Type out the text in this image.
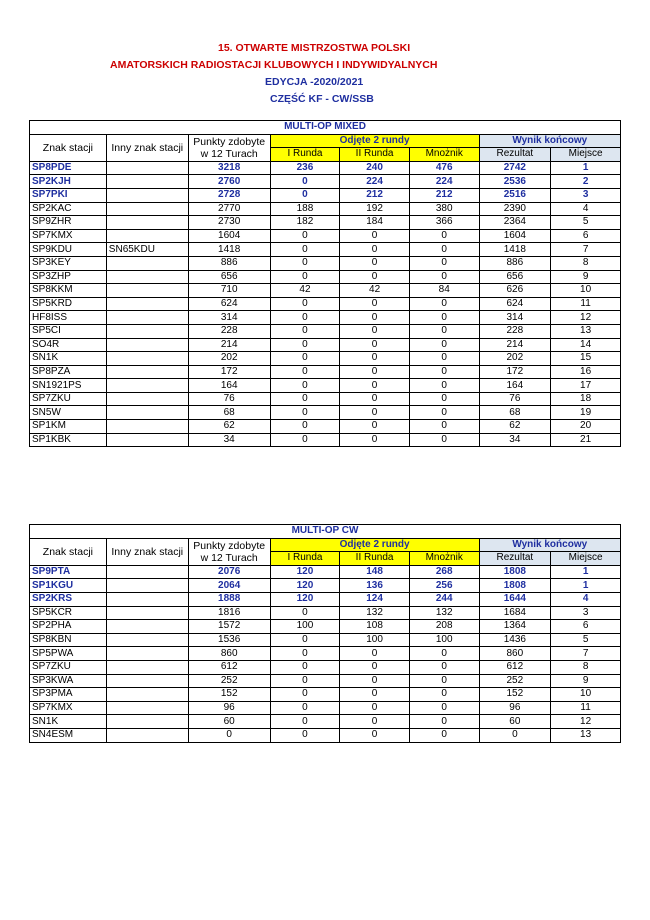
15. OTWARTE MISTRZOSTWA POLSKI
AMATORSKICH RADIOSTACJI KLUBOWYCH I INDYWIDYALNYCH
EDYCJA -2020/2021
CZĘŚĆ KF - CW/SSB
MULTI-OP MIXED							
Znak stacji	Inny znak stacji	Punkty zdobyte w 12 Turach	Odjęte 2 rundy			Wynik końcowy	
			I Runda	II Runda	Mnożnik	Rezultat	Miejsce
SP8PDE		3218	236	240	476	2742	1
SP2KJH		2760	0	224	224	2536	2
SP7PKI		2728	0	212	212	2516	3
SP2KAC		2770	188	192	380	2390	4
SP9ZHR		2730	182	184	366	2364	5
SP7KMX		1604	0	0	0	1604	6
SP9KDU	SN65KDU	1418	0	0	0	1418	7
SP3KEY		886	0	0	0	886	8
SP3ZHP		656	0	0	0	656	9
SP8KKM		710	42	42	84	626	10
SP5KRD		624	0	0	0	624	11
HF8ISS		314	0	0	0	314	12
SP5CI		228	0	0	0	228	13
SO4R		214	0	0	0	214	14
SN1K		202	0	0	0	202	15
SP8PZA		172	0	0	0	172	16
SN1921PS		164	0	0	0	164	17
SP7ZKU		76	0	0	0	76	18
SN5W		68	0	0	0	68	19
SP1KM		62	0	0	0	62	20
SP1KBK		34	0	0	0	34	21
MULTI-OP CW							
Znak stacji	Inny znak stacji	Punkty zdobyte w 12 Turach	Odjęte 2 rundy			Wynik końcowy	
			I Runda	II Runda	Mnożnik	Rezultat	Miejsce
SP9PTA		2076	120	148	268	1808	1
SP1KGU		2064	120	136	256	1808	1
SP2KRS		1888	120	124	244	1644	4
SP5KCR		1816	0	132	132	1684	3
SP2PHA		1572	100	108	208	1364	6
SP8KBN		1536	0	100	100	1436	5
SP5PWA		860	0	0	0	860	7
SP7ZKU		612	0	0	0	612	8
SP3KWA		252	0	0	0	252	9
SP3PMA		152	0	0	0	152	10
SP7KMX		96	0	0	0	96	11
SN1K		60	0	0	0	60	12
SN4ESM		0	0	0	0	0	13
